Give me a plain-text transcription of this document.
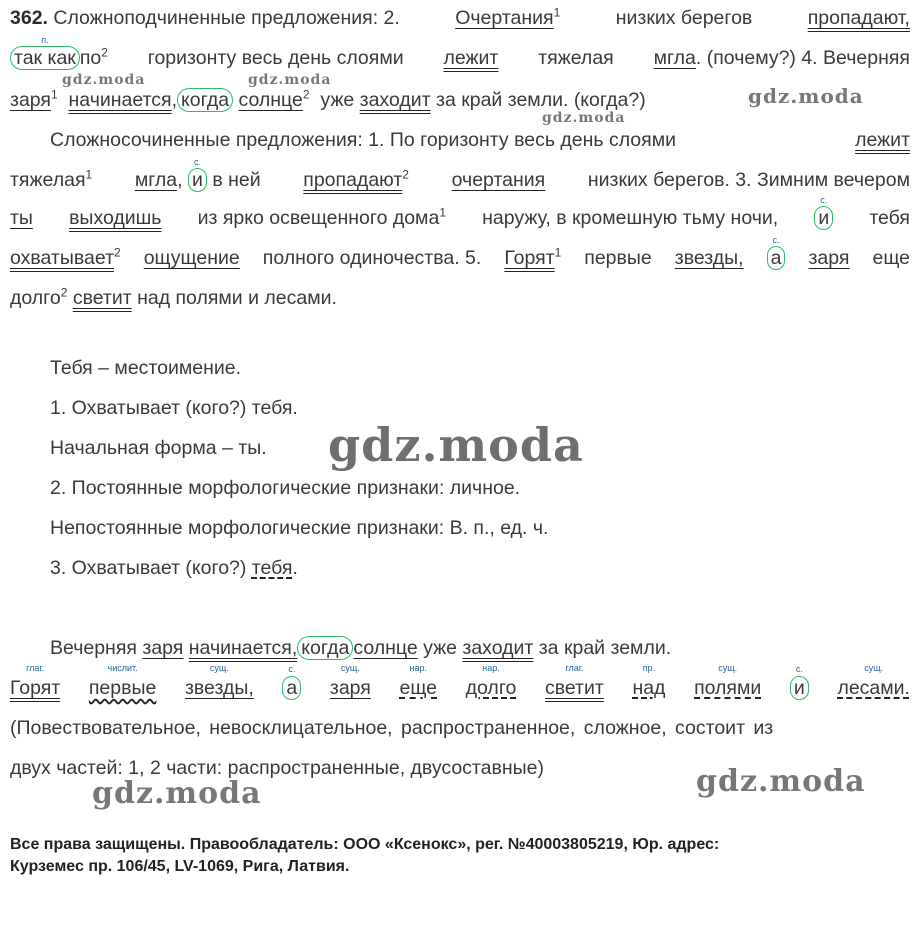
362. Сложноподчиненные предложения: 2.	Очертания$^1$	низких берегов	пропадают,
п.
так как $по^2$ горизонту весь день слоями лежит тяжелая мгла. (почему?) 4. Вечерняя
заря$^1$ начинается, когда солнце$^2$ уже заходит за край земли. (когда?)
Сложносочиненные предложения: 1. По горизонту весь день слоями	лежит
тяжелая$^1$ мгла,
с.
и в ней пропадают$^2$ очертания низких берегов. 3. Зимним вечером
ты выходишь из ярко освещенного дома$^1$ наружу, в кромешную тьму ночи,
с.
и тебя
охватывает$^2$ ощущение полного одиночества. 5. Горят$^1$ первые звезды,
с.
а заря еще
долго$^2$ светит над полями и лесами.
Тебя – местоимение.
1. Охватывает (кого?) тебя.
Начальная форма – ты.
2. Постоянные морфологические признаки: личное.
Непостоянные морфологические признаки: В. п., ед. ч.
3. Охватывает (кого?) тебя.
Вечерняя заря начинается, когда солнце уже заходит за край земли.
глаг.
Горят
числит.
первые
сущ.
звезды,
с.
а
сущ.
заря
нар.
еще
нар.
долго
глаг.
светит
пр.
над
сущ.
полями
с.
и
сущ.
лесами.
(Повествовательное, невосклицательное, распространенное, сложное, состоит из
двух частей: 1, 2 части: распространенные, двусоставные)
gdz.moda	gdz.moda
gdz.moda
gdz.moda
gdz.moda
gdz.moda	gdz.moda
Все права защищены. Правообладатель: ООО «Ксенокс», рег. №40003805219, Юр. адрес:
Курземес пр. 106/45, LV-1069, Рига, Латвия.
